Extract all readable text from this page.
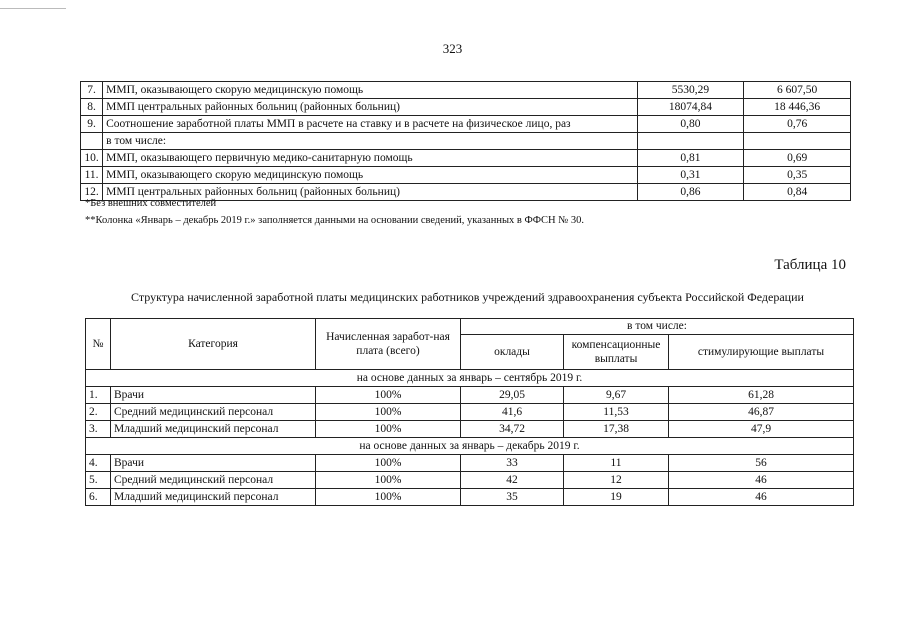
323
7.	ММП, оказывающего скорую медицинскую помощь	5530,29	6 607,50
8.	ММП центральных районных больниц (районных больниц)	18074,84	18 446,36
9.	Соотношение заработной платы ММП в расчете на ставку и в расчете на физическое лицо, раз	0,80	0,76
	в том числе:		
10.	ММП, оказывающего первичную медико-санитарную помощь	0,81	0,69
11.	ММП, оказывающего скорую медицинскую помощь	0,31	0,35
12.	ММП центральных районных больниц (районных больниц)	0,86	0,84
*Без внешних совместителей
**Колонка «Январь – декабрь 2019 г.» заполняется данными на основании сведений, указанных в ФФСН № 30.
Таблица 10
Структура начисленной заработной платы медицинских работников учреждений здравоохранения субъекта Российской Федерации
№	Категория	Начисленная заработ-ная плата (всего)	в том числе:		
			оклады	компенсационные выплаты	стимулирующие выплаты
на основе данных за январь – сентябрь 2019 г.					
1.	Врачи	100%	29,05	9,67	61,28
2.	Средний медицинский персонал	100%	41,6	11,53	46,87
3.	Младший медицинский персонал	100%	34,72	17,38	47,9
на основе данных за январь – декабрь 2019 г.					
4.	Врачи	100%	33	11	56
5.	Средний медицинский персонал	100%	42	12	46
6.	Младший медицинский персонал	100%	35	19	46
